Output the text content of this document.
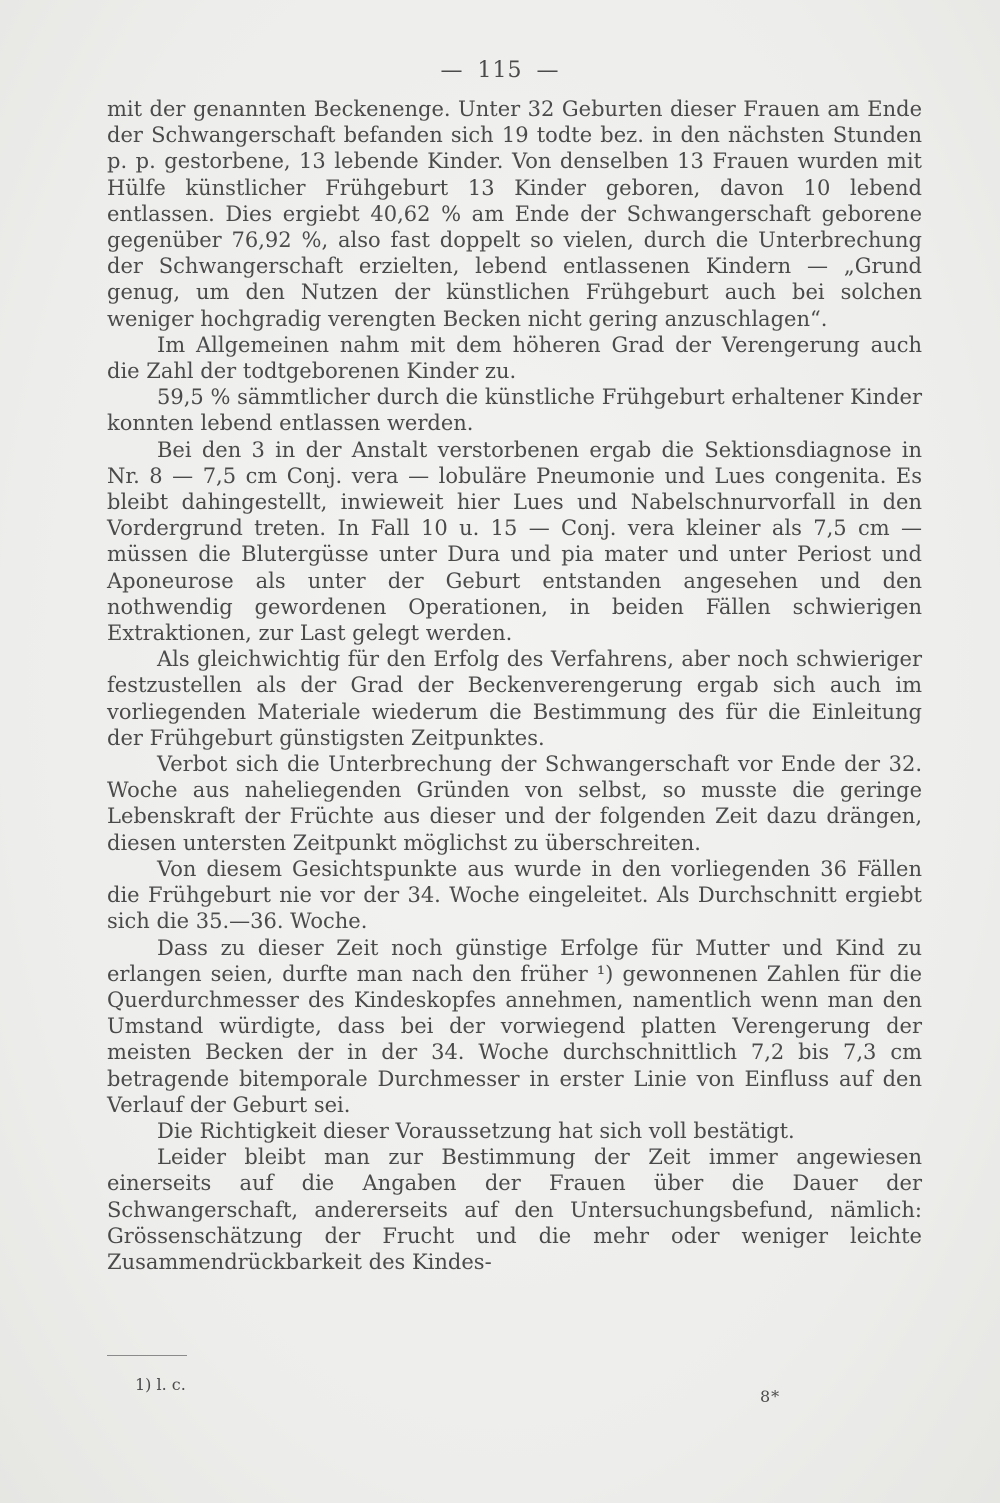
— 115 —

mit der genannten Beckenenge. Unter 32 Geburten dieser Frauen am Ende der Schwangerschaft befanden sich 19 todte bez. in den nächsten Stunden p. p. gestorbene, 13 lebende Kinder. Von denselben 13 Frauen wurden mit Hülfe künstlicher Frühgeburt 13 Kinder geboren, davon 10 lebend entlassen. Dies ergiebt 40,62 % am Ende der Schwangerschaft geborene gegenüber 76,92 %, also fast doppelt so vielen, durch die Unterbrechung der Schwangerschaft erzielten, lebend entlassenen Kindern — „Grund genug, um den Nutzen der künstlichen Frühgeburt auch bei solchen weniger hochgradig verengten Becken nicht gering anzuschlagen“.

Im Allgemeinen nahm mit dem höheren Grad der Verengerung auch die Zahl der todtgeborenen Kinder zu.

59,5 % sämmtlicher durch die künstliche Frühgeburt erhaltener Kinder konnten lebend entlassen werden.

Bei den 3 in der Anstalt verstorbenen ergab die Sektionsdiagnose in Nr. 8 — 7,5 cm Conj. vera — lobuläre Pneumonie und Lues congenita. Es bleibt dahingestellt, inwieweit hier Lues und Nabelschnurvorfall in den Vordergrund treten. In Fall 10 u. 15 — Conj. vera kleiner als 7,5 cm — müssen die Blutergüsse unter Dura und pia mater und unter Periost und Aponeurose als unter der Geburt entstanden angesehen und den nothwendig gewordenen Operationen, in beiden Fällen schwierigen Extraktionen, zur Last gelegt werden.

Als gleichwichtig für den Erfolg des Verfahrens, aber noch schwieriger festzustellen als der Grad der Beckenverengerung ergab sich auch im vorliegenden Materiale wiederum die Bestimmung des für die Einleitung der Frühgeburt günstigsten Zeitpunktes.

Verbot sich die Unterbrechung der Schwangerschaft vor Ende der 32. Woche aus naheliegenden Gründen von selbst, so musste die geringe Lebenskraft der Früchte aus dieser und der folgenden Zeit dazu drängen, diesen untersten Zeitpunkt möglichst zu überschreiten.

Von diesem Gesichtspunkte aus wurde in den vorliegenden 36 Fällen die Frühgeburt nie vor der 34. Woche eingeleitet. Als Durchschnitt ergiebt sich die 35.—36. Woche.

Dass zu dieser Zeit noch günstige Erfolge für Mutter und Kind zu erlangen seien, durfte man nach den früher ¹) gewonnenen Zahlen für die Querdurchmesser des Kindeskopfes annehmen, namentlich wenn man den Umstand würdigte, dass bei der vorwiegend platten Verengerung der meisten Becken der in der 34. Woche durchschnittlich 7,2 bis 7,3 cm betragende bitemporale Durchmesser in erster Linie von Einfluss auf den Verlauf der Geburt sei.

Die Richtigkeit dieser Voraussetzung hat sich voll bestätigt.

Leider bleibt man zur Bestimmung der Zeit immer angewiesen einerseits auf die Angaben der Frauen über die Dauer der Schwangerschaft, andererseits auf den Untersuchungsbefund, nämlich: Grössenschätzung der Frucht und die mehr oder weniger leichte Zusammendrückbarkeit des Kindes-

1) l. c.
8*
